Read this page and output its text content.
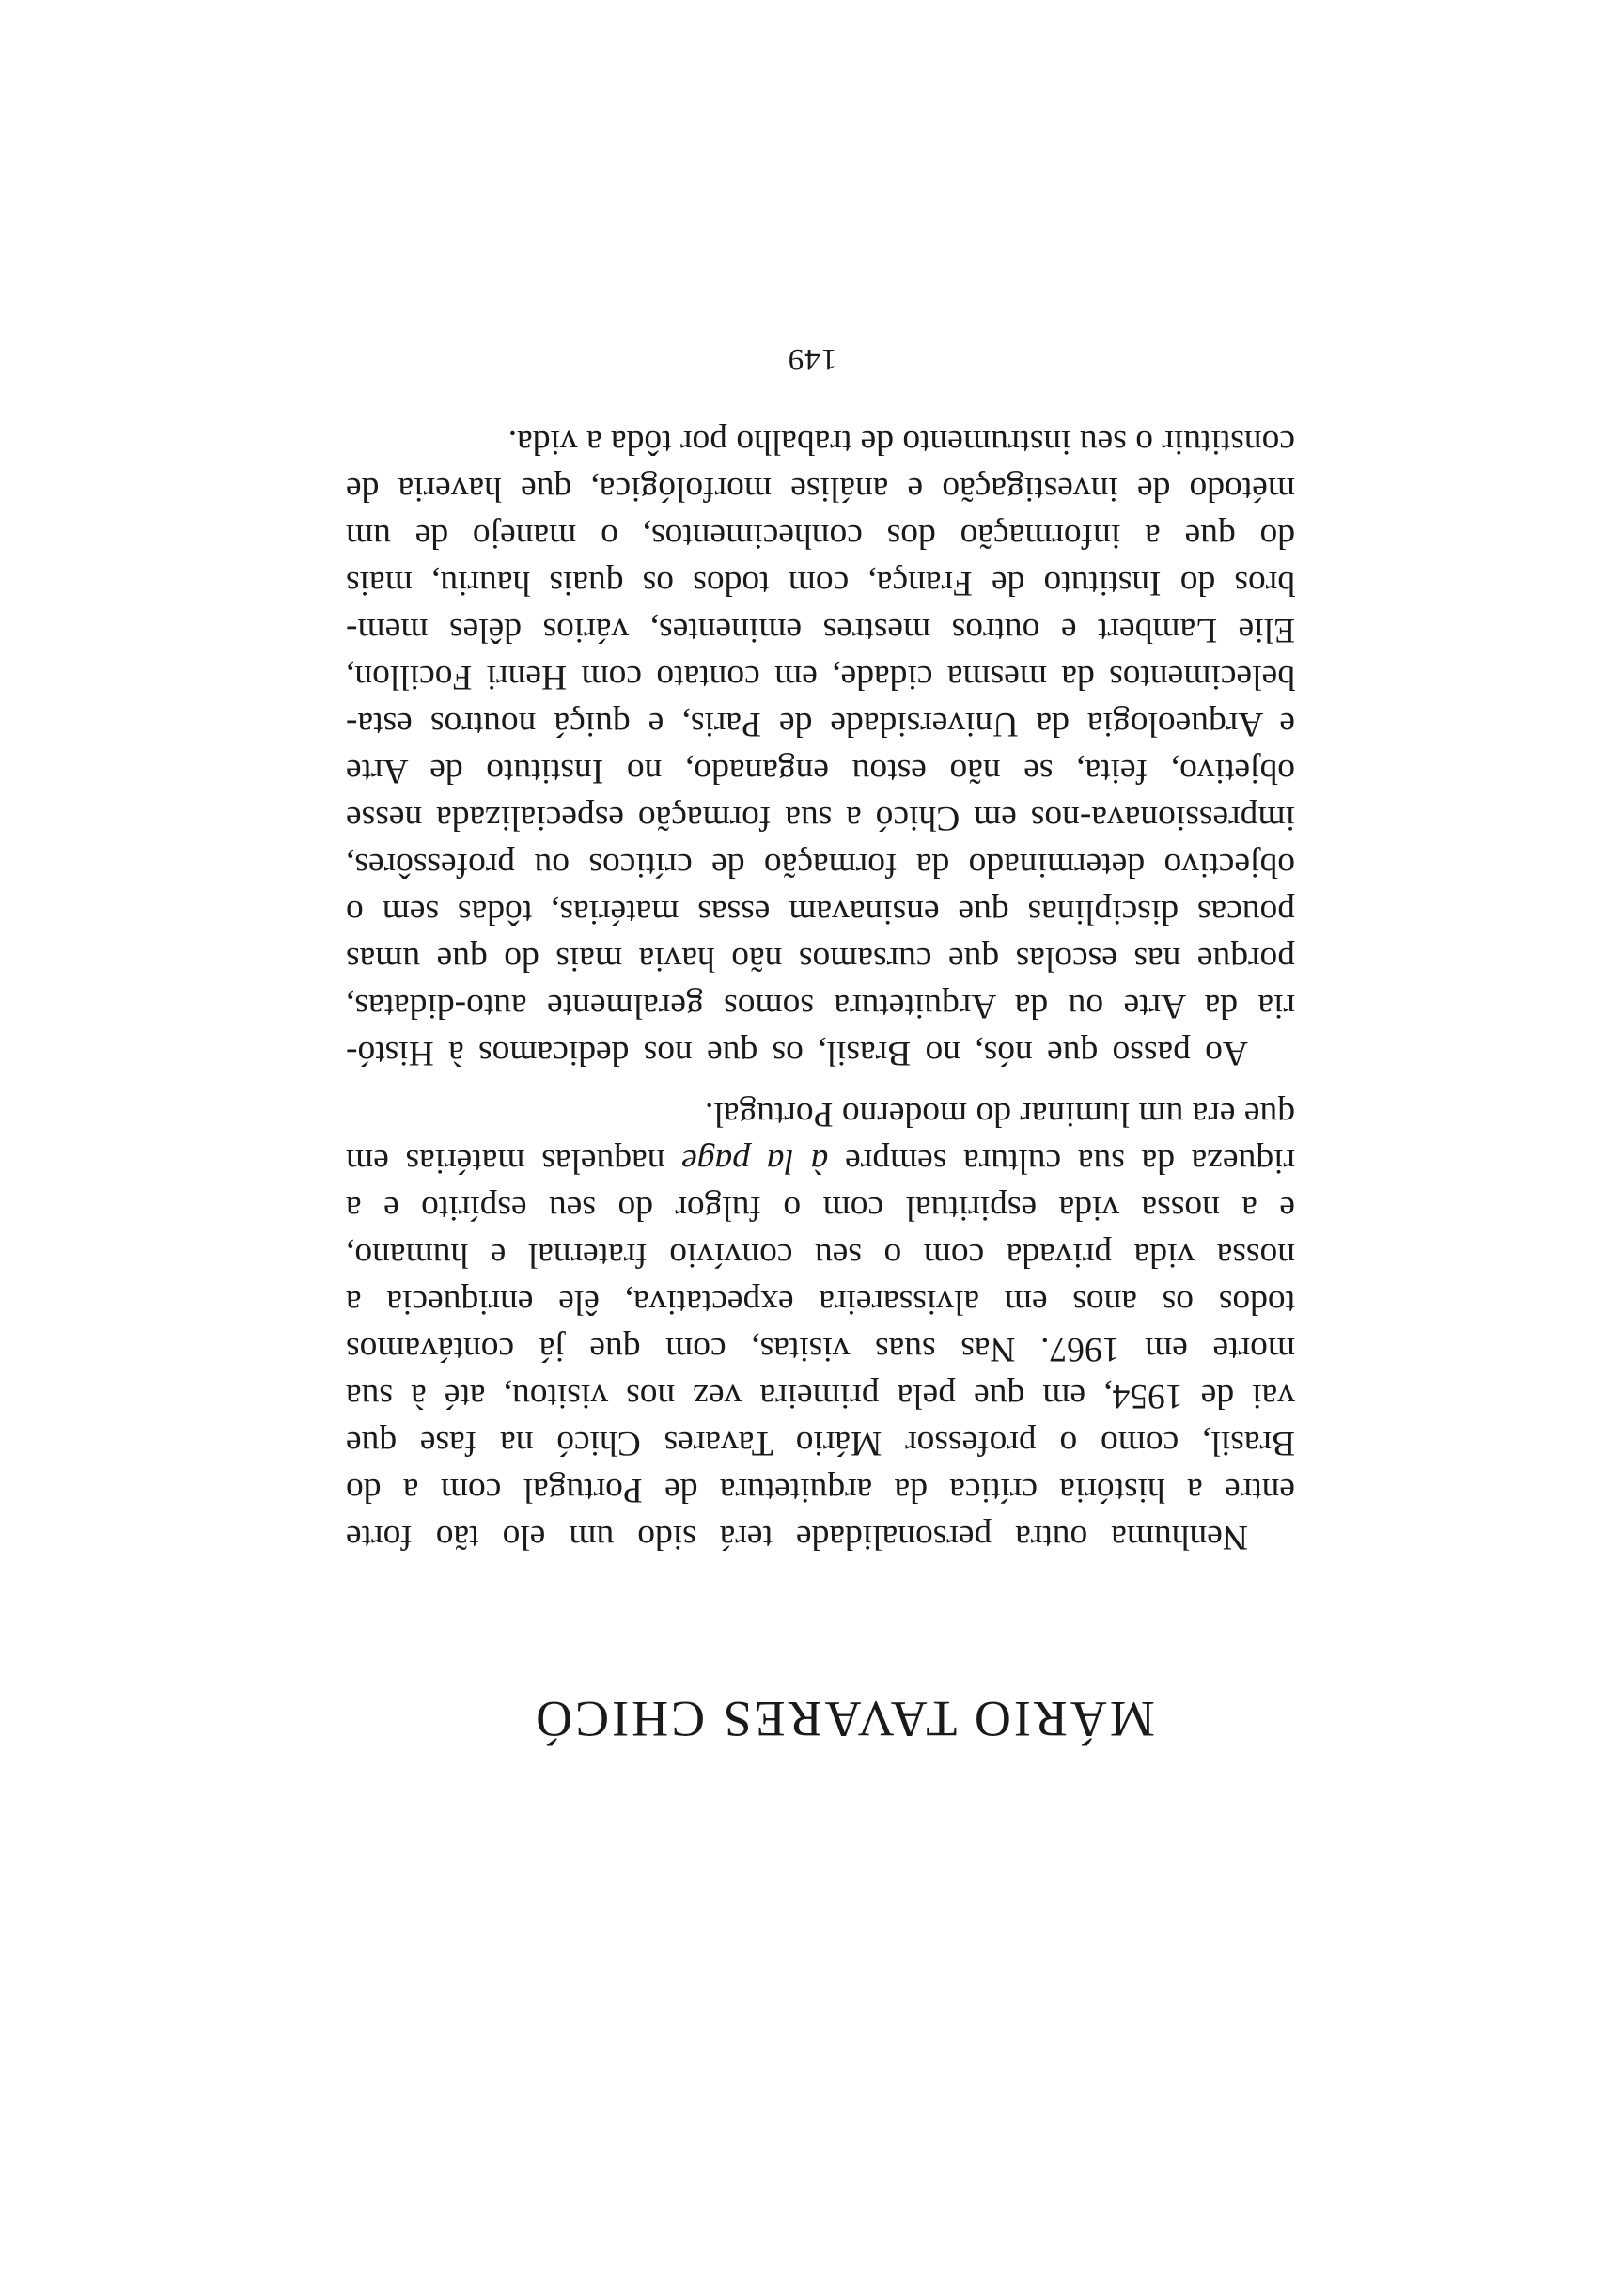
MÁRIO TAVARES CHICÓ
Nenhuma outra personalidade terá sido um elo tão forte
entre a história crítica da arquitetura de Portugal com a do
Brasil, como o professor Mário Tavares Chicó na fase que
vai de 1954, em que pela primeira vez nos visitou, até à sua
morte em 1967. Nas suas visitas, com que já contávamos
todos os anos em alvissareira expectativa, êle enriquecia a
nossa vida privada com o seu convívio fraternal e humano,
e a nossa vida espiritual com o fulgor do seu espírito e a
riqueza da sua cultura sempre à la page naquelas matérias em
que era um luminar do moderno Portugal.
Ao passo que nós, no Brasil, os que nos dedicamos à Histó-
ria da Arte ou da Arquitetura somos geralmente auto-didatas,
porque nas escolas que cursamos não havia mais do que umas
poucas disciplinas que ensinavam essas matérias, tôdas sem o
objectivo determinado da formação de críticos ou professôres,
impressionava-nos em Chicó a sua formação especializada nesse
objetivo, feita, se não estou enganado, no Instituto de Arte
e Arqueologia da Universidade de Paris, e quiçá noutros esta-
belecimentos da mesma cidade, em contato com Henri Focillon,
Elie Lambert e outros mestres eminentes, vários dêles mem-
bros do Instituto de França, com todos os quais hauriu, mais
do que a informação dos conhecimentos, o manejo de um
método de investigação e análise morfológica, que haveria de
constituir o seu instrumento de trabalho por tôda a vida.
149
